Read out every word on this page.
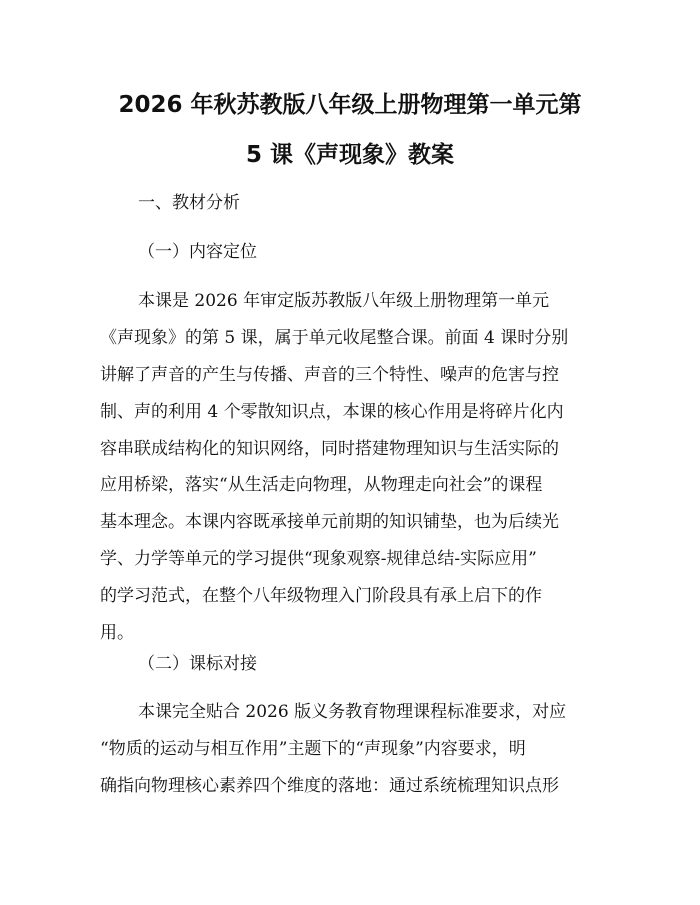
2026 年秋苏教版八年级上册物理第一单元第
5 课《声现象》教案

一、教材分析

（一）内容定位

本课是 2026 年审定版苏教版八年级上册物理第一单元
《声现象》的第 5 课，属于单元收尾整合课。前面 4 课时分别
讲解了声音的产生与传播、声音的三个特性、噪声的危害与控
制、声的利用 4 个零散知识点，本课的核心作用是将碎片化内
容串联成结构化的知识网络，同时搭建物理知识与生活实际的
应用桥梁，落实“从生活走向物理，从物理走向社会”的课程
基本理念。本课内容既承接单元前期的知识铺垫，也为后续光
学、力学等单元的学习提供“现象观察-规律总结-实际应用”
的学习范式，在整个八年级物理入门阶段具有承上启下的作
用。

（二）课标对接

本课完全贴合 2026 版义务教育物理课程标准要求，对应
“物质的运动与相互作用”主题下的“声现象”内容要求，明
确指向物理核心素养四个维度的落地：通过系统梳理知识点形
